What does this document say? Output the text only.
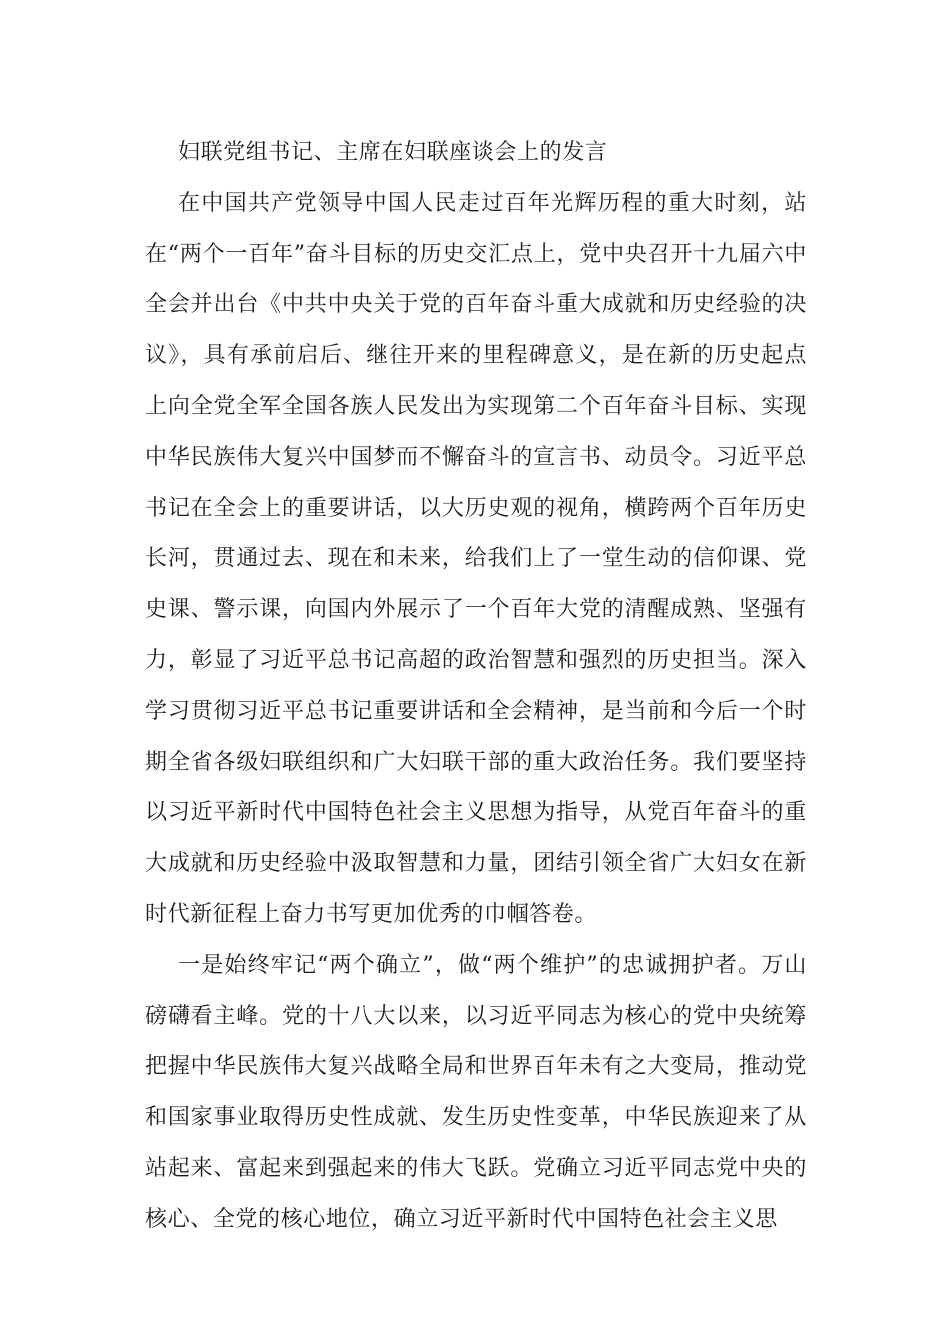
妇联党组书记、主席在妇联座谈会上的发言

在中国共产党领导中国人民走过百年光辉历程的重大时刻，站在“两个一百年”奋斗目标的历史交汇点上，党中央召开十九届六中全会并出台《中共中央关于党的百年奋斗重大成就和历史经验的决议》，具有承前启后、继往开来的里程碑意义，是在新的历史起点上向全党全军全国各族人民发出为实现第二个百年奋斗目标、实现中华民族伟大复兴中国梦而不懈奋斗的宣言书、动员令。习近平总书记在全会上的重要讲话，以大历史观的视角，横跨两个百年历史长河，贯通过去、现在和未来，给我们上了一堂生动的信仰课、党史课、警示课，向国内外展示了一个百年大党的清醒成熟、坚强有力，彰显了习近平总书记高超的政治智慧和强烈的历史担当。深入学习贯彻习近平总书记重要讲话和全会精神，是当前和今后一个时期全省各级妇联组织和广大妇联干部的重大政治任务。我们要坚持以习近平新时代中国特色社会主义思想为指导，从党百年奋斗的重大成就和历史经验中汲取智慧和力量，团结引领全省广大妇女在新时代新征程上奋力书写更加优秀的巾帼答卷。

一是始终牢记“两个确立”，做“两个维护”的忠诚拥护者。万山磅礴看主峰。党的十八大以来，以习近平同志为核心的党中央统筹把握中华民族伟大复兴战略全局和世界百年未有之大变局，推动党和国家事业取得历史性成就、发生历史性变革，中华民族迎来了从站起来、富起来到强起来的伟大飞跃。党确立习近平同志党中央的核心、全党的核心地位，确立习近平新时代中国特色社会主义思
